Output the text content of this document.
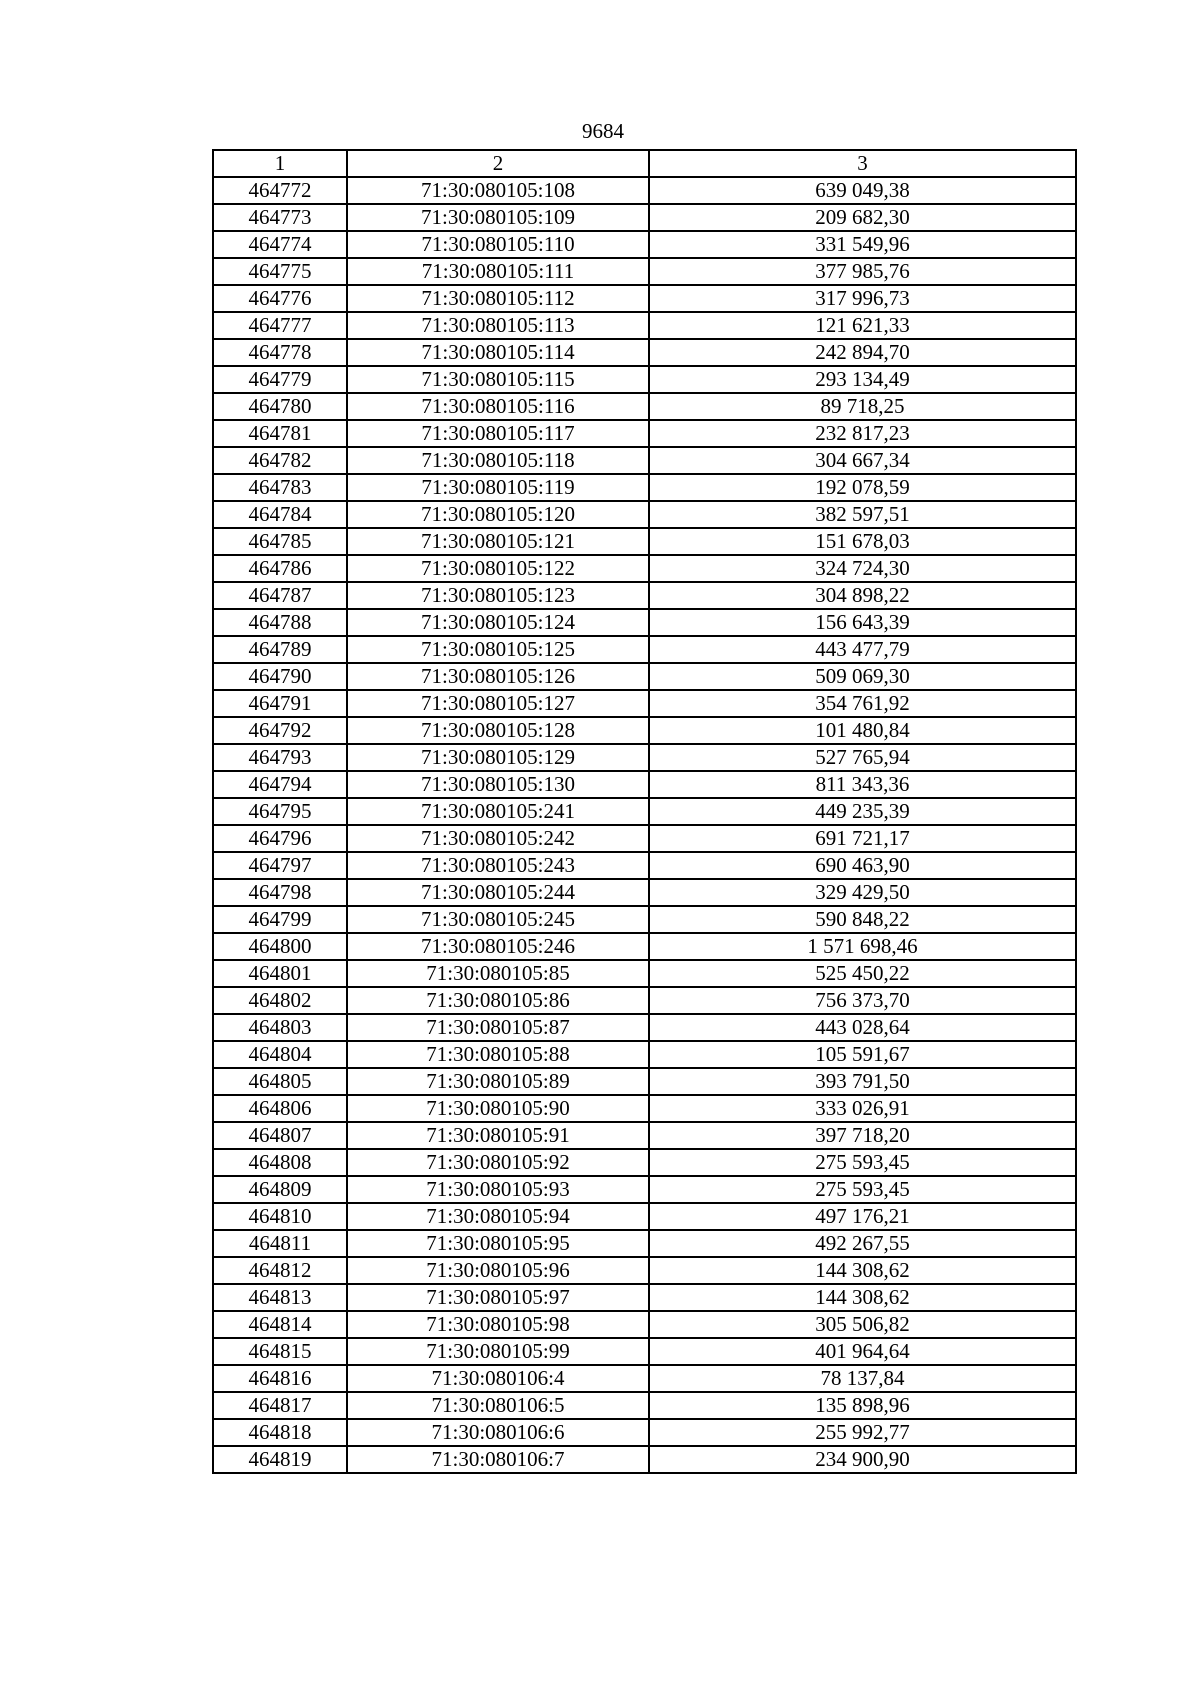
9684
1	2	3
464772	71:30:080105:108	639 049,38
464773	71:30:080105:109	209 682,30
464774	71:30:080105:110	331 549,96
464775	71:30:080105:111	377 985,76
464776	71:30:080105:112	317 996,73
464777	71:30:080105:113	121 621,33
464778	71:30:080105:114	242 894,70
464779	71:30:080105:115	293 134,49
464780	71:30:080105:116	89 718,25
464781	71:30:080105:117	232 817,23
464782	71:30:080105:118	304 667,34
464783	71:30:080105:119	192 078,59
464784	71:30:080105:120	382 597,51
464785	71:30:080105:121	151 678,03
464786	71:30:080105:122	324 724,30
464787	71:30:080105:123	304 898,22
464788	71:30:080105:124	156 643,39
464789	71:30:080105:125	443 477,79
464790	71:30:080105:126	509 069,30
464791	71:30:080105:127	354 761,92
464792	71:30:080105:128	101 480,84
464793	71:30:080105:129	527 765,94
464794	71:30:080105:130	811 343,36
464795	71:30:080105:241	449 235,39
464796	71:30:080105:242	691 721,17
464797	71:30:080105:243	690 463,90
464798	71:30:080105:244	329 429,50
464799	71:30:080105:245	590 848,22
464800	71:30:080105:246	1 571 698,46
464801	71:30:080105:85	525 450,22
464802	71:30:080105:86	756 373,70
464803	71:30:080105:87	443 028,64
464804	71:30:080105:88	105 591,67
464805	71:30:080105:89	393 791,50
464806	71:30:080105:90	333 026,91
464807	71:30:080105:91	397 718,20
464808	71:30:080105:92	275 593,45
464809	71:30:080105:93	275 593,45
464810	71:30:080105:94	497 176,21
464811	71:30:080105:95	492 267,55
464812	71:30:080105:96	144 308,62
464813	71:30:080105:97	144 308,62
464814	71:30:080105:98	305 506,82
464815	71:30:080105:99	401 964,64
464816	71:30:080106:4	78 137,84
464817	71:30:080106:5	135 898,96
464818	71:30:080106:6	255 992,77
464819	71:30:080106:7	234 900,90
